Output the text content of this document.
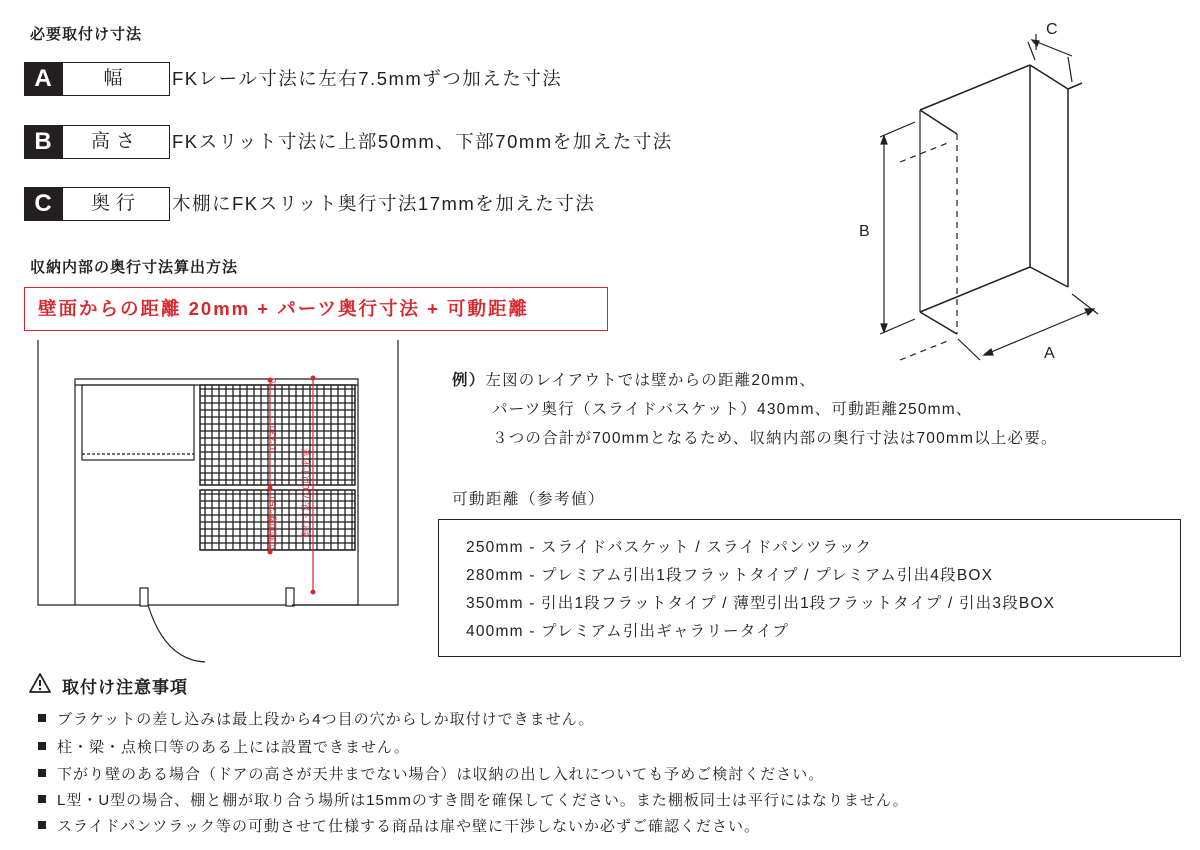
必要取付け寸法
A	幅	FKレール寸法に左右7.5mmずつ加えた寸法
B	高さ	FKスリット寸法に上部50mm、下部70mmを加えた寸法
C	奥行	木棚にFKスリット奥行寸法17mmを加えた寸法
B
A
C
収納内部の奥行寸法算出方法
壁面からの距離 20mm + パーツ奥行寸法 + 可動距離
20
D:430
可動距離:250	奥行寸法 700以上必要
例）左図のレイアウトでは壁からの距離20mm、
パーツ奥行（スライドバスケット）430mm、可動距離250mm、
３つの合計が700mmとなるため、収納内部の奥行寸法は700mm以上必要。
可動距離（参考値）
250mm - スライドバスケット / スライドパンツラック
280mm - プレミアム引出1段フラットタイプ / プレミアム引出4段BOX
350mm - 引出1段フラットタイプ / 薄型引出1段フラットタイプ / 引出3段BOX
400mm - プレミアム引出ギャラリータイプ
取付け注意事項
ブラケットの差し込みは最上段から4つ目の穴からしか取付けできません。
柱・梁・点検口等のある上には設置できません。
下がり壁のある場合（ドアの高さが天井までない場合）は収納の出し入れについても予めご検討ください。
L型・U型の場合、棚と棚が取り合う場所は15mmのすき間を確保してください。また棚板同士は平行にはなりません。
スライドパンツラック等の可動させて仕様する商品は扉や壁に干渉しないか必ずご確認ください。
